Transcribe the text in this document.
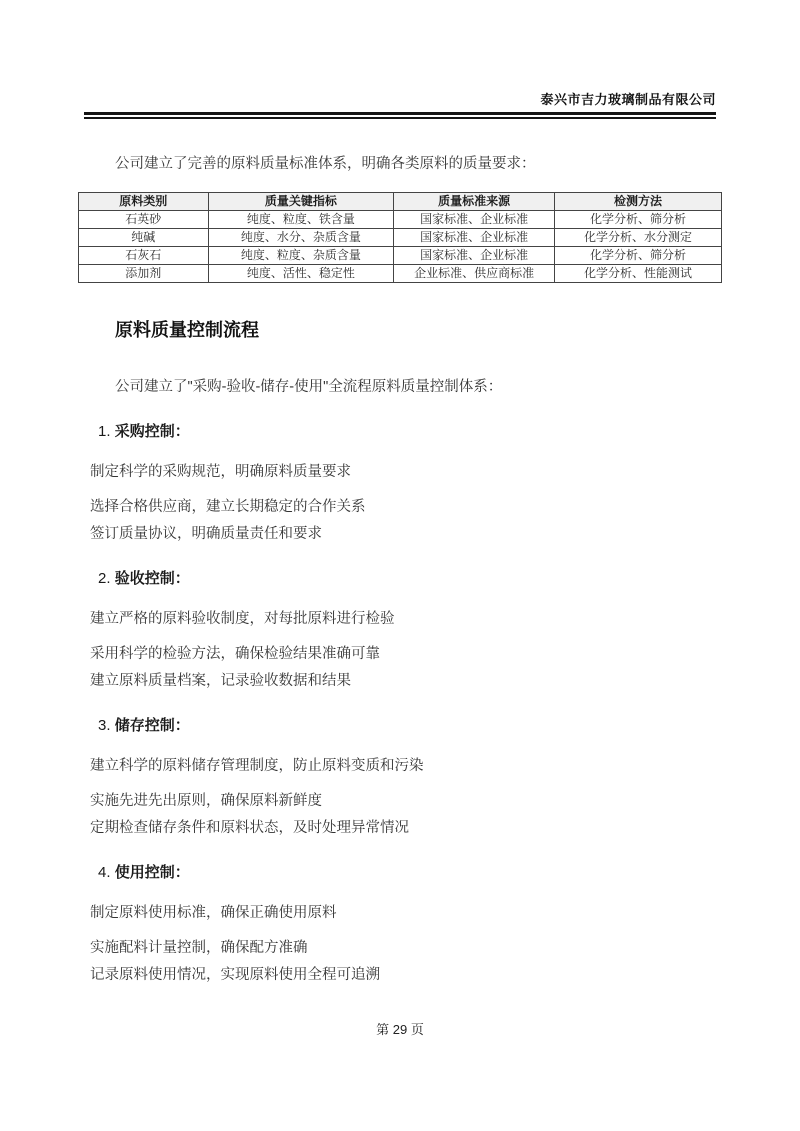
泰兴市吉力玻璃制品有限公司

公司建立了完善的原料质量标准体系，明确各类原料的质量要求：

原料类别	质量关键指标	质量标准来源	检测方法
石英砂	纯度、粒度、铁含量	国家标准、企业标准	化学分析、筛分析
纯碱	纯度、水分、杂质含量	国家标准、企业标准	化学分析、水分测定
石灰石	纯度、粒度、杂质含量	国家标准、企业标准	化学分析、筛分析
添加剂	纯度、活性、稳定性	企业标准、供应商标准	化学分析、性能测试
原料质量控制流程

公司建立了"采购-验收-储存-使用"全流程原料质量控制体系：

1. 采购控制：

制定科学的采购规范，明确原料质量要求

选择合格供应商，建立长期稳定的合作关系

签订质量协议，明确质量责任和要求

2. 验收控制：

建立严格的原料验收制度，对每批原料进行检验

采用科学的检验方法，确保检验结果准确可靠

建立原料质量档案，记录验收数据和结果

3. 储存控制：

建立科学的原料储存管理制度，防止原料变质和污染

实施先进先出原则，确保原料新鲜度

定期检查储存条件和原料状态，及时处理异常情况

4. 使用控制：

制定原料使用标准，确保正确使用原料

实施配料计量控制，确保配方准确

记录原料使用情况，实现原料使用全程可追溯

第 29 页
